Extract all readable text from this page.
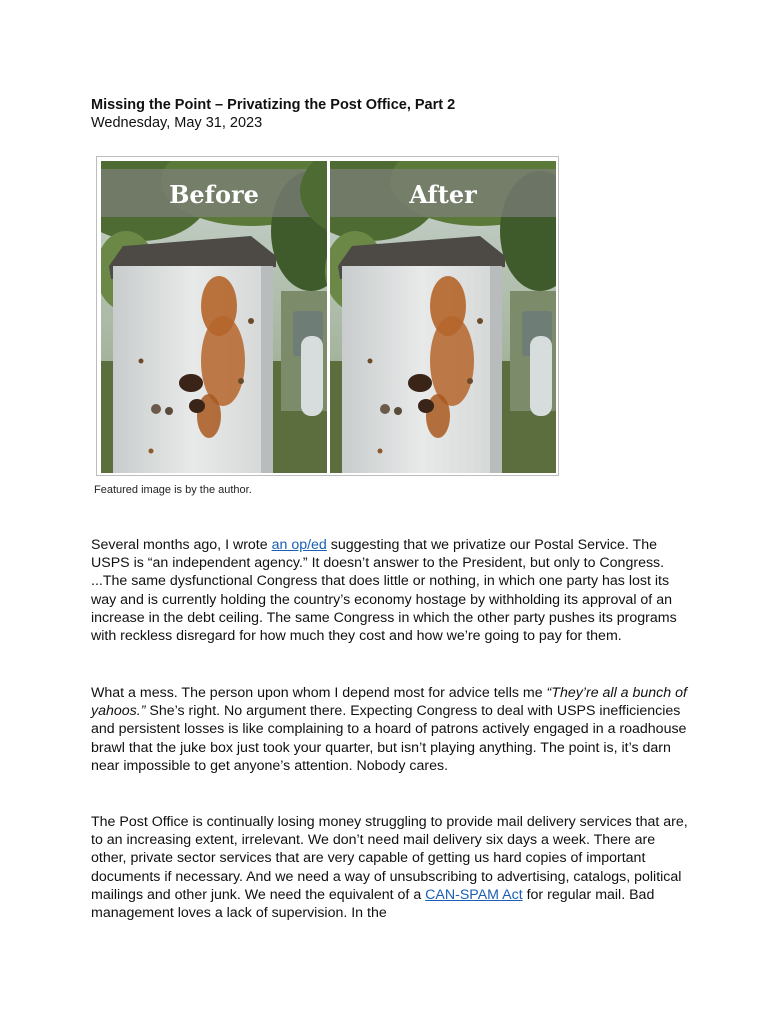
Missing the Point – Privatizing the Post Office, Part 2
Wednesday, May 31, 2023
Before	After
Featured image is by the author.

Several months ago, I wrote an op/ed suggesting that we privatize our Postal Service. The USPS is “an independent agency.” It doesn’t answer to the President, but only to Congress. ...The same dysfunctional Congress that does little or nothing, in which one party has lost its way and is currently holding the country’s economy hostage by withholding its approval of an increase in the debt ceiling. The same Congress in which the other party pushes its programs with reckless disregard for how much they cost and how we’re going to pay for them.

What a mess. The person upon whom I depend most for advice tells me “They’re all a bunch of yahoos.” She’s right. No argument there. Expecting Congress to deal with USPS inefficiencies and persistent losses is like complaining to a hoard of patrons actively engaged in a roadhouse brawl that the juke box just took your quarter, but isn’t playing anything. The point is, it’s darn near impossible to get anyone’s attention. Nobody cares.

The Post Office is continually losing money struggling to provide mail delivery services that are, to an increasing extent, irrelevant. We don’t need mail delivery six days a week. There are other, private sector services that are very capable of getting us hard copies of important documents if necessary. And we need a way of unsubscribing to advertising, catalogs, political mailings and other junk. We need the equivalent of a CAN-SPAM Act for regular mail. Bad management loves a lack of supervision. In the
